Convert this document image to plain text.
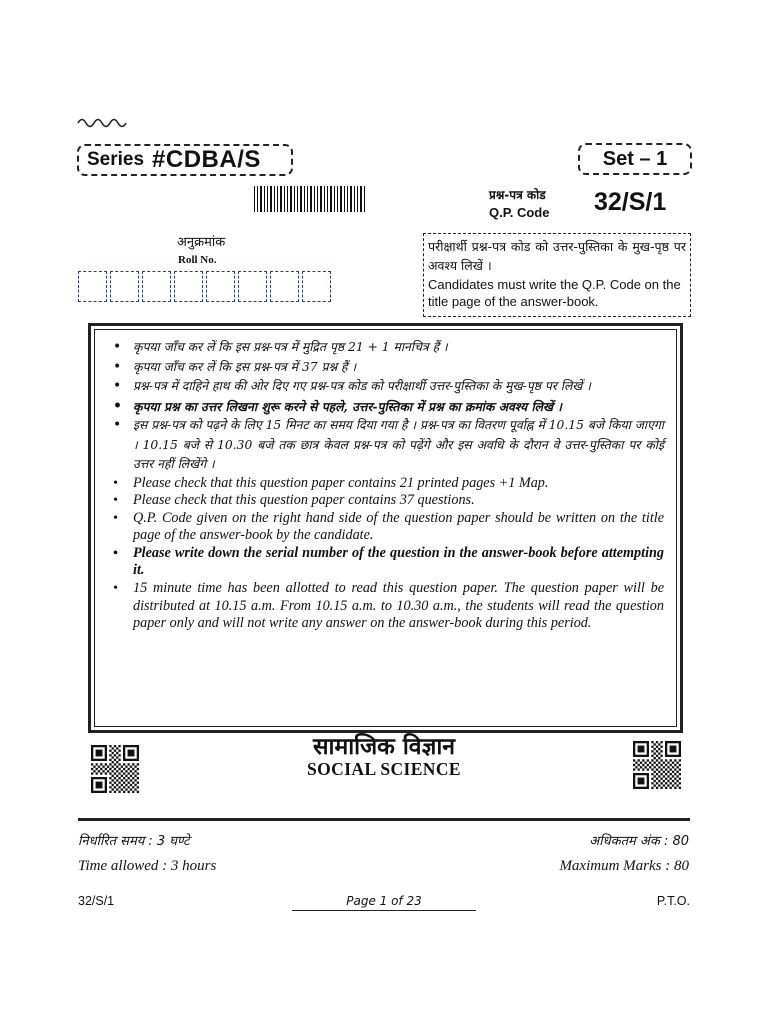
Series #CDBA/S	Set – 1
प्रश्न-पत्र कोड
Q.P. Code 32/S/1
अनुक्रमांक
Roll No.
परीक्षार्थी प्रश्न-पत्र कोड को उत्तर-पुस्तिका के मुख-पृष्ठ पर अवश्य लिखें ।
Candidates must write the Q.P. Code on the title page of the answer-book.
• कृपया जाँच कर लें कि इस प्रश्न-पत्र में मुद्रित पृष्ठ 21 + 1 मानचित्र हैं ।
• कृपया जाँच कर लें कि इस प्रश्न-पत्र में 37 प्रश्न हैं ।
• प्रश्न-पत्र में दाहिने हाथ की ओर दिए गए प्रश्न-पत्र कोड को परीक्षार्थी उत्तर-पुस्तिका के मुख-पृष्ठ पर लिखें ।
• कृपया प्रश्न का उत्तर लिखना शुरू करने से पहले, उत्तर-पुस्तिका में प्रश्न का क्रमांक अवश्य लिखें ।
• इस प्रश्न-पत्र को पढ़ने के लिए 15 मिनट का समय दिया गया है । प्रश्न-पत्र का वितरण पूर्वाह्न में 10.15 बजे किया जाएगा । 10.15 बजे से 10.30 बजे तक छात्र केवल प्रश्न-पत्र को पढ़ेंगे और इस अवधि के दौरान वे उत्तर-पुस्तिका पर कोई उत्तर नहीं लिखेंगे ।
• Please check that this question paper contains 21 printed pages +1 Map.
• Please check that this question paper contains 37 questions.
• Q.P. Code given on the right hand side of the question paper should be written on the title page of the answer-book by the candidate.
• Please write down the serial number of the question in the answer-book before attempting it.
• 15 minute time has been allotted to read this question paper. The question paper will be distributed at 10.15 a.m. From 10.15 a.m. to 10.30 a.m., the students will read the question paper only and will not write any answer on the answer-book during this period.
सामाजिक विज्ञान
SOCIAL SCIENCE
निर्धारित समय : 3 घण्टे	अधिकतम अंक : 80
Time allowed : 3 hours	Maximum Marks : 80
32/S/1	Page 1 of 23	P.T.O.
